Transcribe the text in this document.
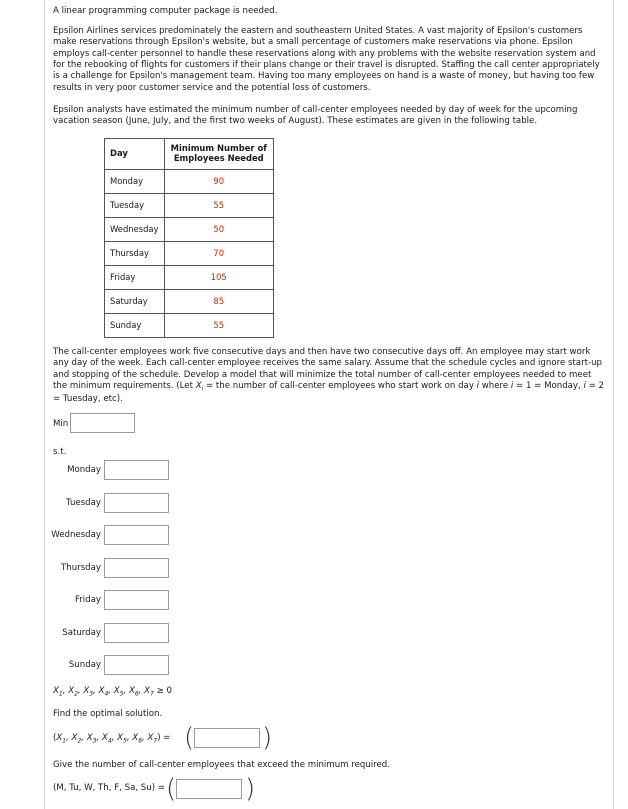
A linear programming computer package is needed.
Epsilon Airlines services predominately the eastern and southeastern United States. A vast majority of Epsilon's customers make reservations through Epsilon's website, but a small percentage of customers make reservations via phone. Epsilon employs call-center personnel to handle these reservations along with any problems with the website reservation system and for the rebooking of flights for customers if their plans change or their travel is disrupted. Staffing the call center appropriately is a challenge for Epsilon's management team. Having too many employees on hand is a waste of money, but having too few results in very poor customer service and the potential loss of customers.
Epsilon analysts have estimated the minimum number of call-center employees needed by day of week for the upcoming vacation season (June, July, and the first two weeks of August). These estimates are given in the following table.
Day	Minimum Number of Employees Needed
Monday	90
Tuesday	55
Wednesday	50
Thursday	70
Friday	105
Saturday	85
Sunday	55
The call-center employees work five consecutive days and then have two consecutive days off. An employee may start work any day of the week. Each call-center employee receives the same salary. Assume that the schedule cycles and ignore start-up and stopping of the schedule. Develop a model that will minimize the total number of call-center employees needed to meet the minimum requirements. (Let $X_i$ = the number of call-center employees who start work on day i where i = 1 = Monday, i = 2 = Tuesday, etc).
Min
s.t.
Monday
Tuesday
Wednesday
Thursday
Friday
Saturday
Sunday
$X_1$, $X_2$, $X_3$, $X_4$, $X_5$, $X_6$, $X_7 \ge 0$
Find the optimal solution.
($X_1$, $X_2$, $X_3$, $X_4$, $X_5$, $X_6$, $X_7$) = (	)
Give the number of call-center employees that exceed the minimum required.
(M, Tu, W, Th, F, Sa, Su) = (	)
